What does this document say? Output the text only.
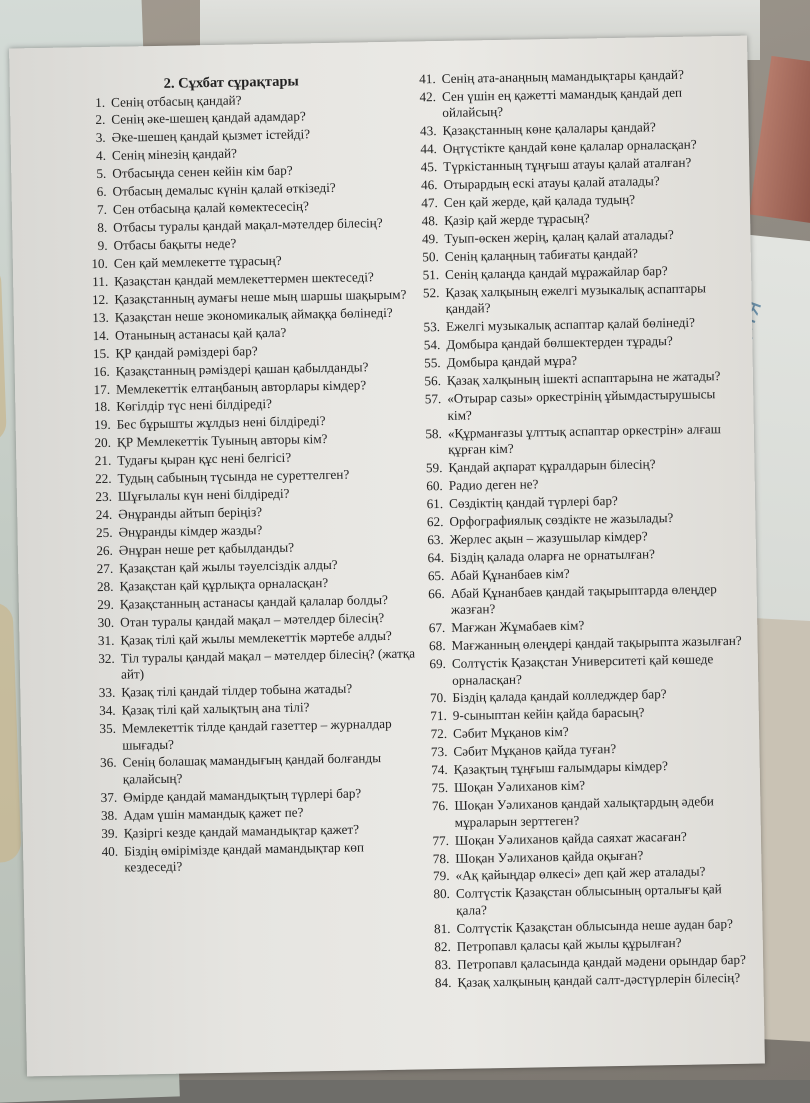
2. Сұхбат сұрақтары
1. Сенің отбасың қандай?
2. Сенің әке-шешең қандай адамдар?
3. Әке-шешең қандай қызмет істейді?
4. Сенің мінезің қандай?
5. Отбасыңда сенен кейін кім бар?
6. Отбасың демалыс күнін қалай өткізеді?
7. Сен отбасыңа қалай көмектесесің?
8. Отбасы туралы қандай мақал-мәтелдер білесің?
9. Отбасы бақыты неде?
10. Сен қай мемлекетте тұрасың?
11. Қазақстан қандай мемлекеттермен шектеседі?
12. Қазақстанның аумағы неше мың шаршы шақырым?
13. Қазақстан неше экономикалық аймаққа бөлінеді?
14. Отанының астанасы қай қала?
15. ҚР қандай рәміздері бар?
16. Қазақстанның рәміздері қашан қабылданды?
17. Мемлекеттік елтаңбаның авторлары кімдер?
18. Көгілдір түс нені білдіреді?
19. Бес бұрышты жұлдыз нені білдіреді?
20. ҚР Мемлекеттік Туының авторы кім?
21. Тудағы қыран құс нені белгісі?
22. Тудың сабының түсында не суреттелген?
23. Шұғылалы күн нені білдіреді?
24. Әнұранды айтып беріңіз?
25. Әнұранды кімдер жазды?
26. Әнұран неше рет қабылданды?
27. Қазақстан қай жылы тәуелсіздік алды?
28. Қазақстан қай құрлықта орналасқан?
29. Қазақстанның астанасы қандай қалалар болды?
30. Отан туралы қандай мақал – мәтелдер білесің?
31. Қазақ тілі қай жылы мемлекеттік мәртебе алды?
32. Тіл туралы қандай мақал – мәтелдер білесің? (жатқа айт)
33. Қазақ тілі қандай тілдер тобына жатады?
34. Қазақ тілі қай халықтың ана тілі?
35. Мемлекеттік тілде қандай газеттер – журналдар шығады?
36. Сенің болашақ мамандығың қандай болғанды қалайсың?
37. Өмірде қандай мамандықтың түрлері бар?
38. Адам үшін мамандық қажет пе?
39. Қазіргі кезде қандай мамандықтар қажет?
40. Біздің өмірімізде қандай мамандықтар көп кездеседі?
41. Сенің ата-анаңның мамандықтары қандай?
42. Сен үшін ең қажетті мамандық қандай деп ойлайсың?
43. Қазақстанның көне қалалары қандай?
44. Оңтүстікте қандай көне қалалар орналасқан?
45. Түркістанның тұңғыш атауы қалай аталған?
46. Отырардың ескі атауы қалай аталады?
47. Сен қай жерде, қай қалада тудың?
48. Қазір қай жерде тұрасың?
49. Туып-өскен жерің, қалаң қалай аталады?
50. Сенің қалаңның табиғаты қандай?
51. Сенің қалаңда қандай мұражайлар бар?
52. Қазақ халқының ежелгі музыкалық аспаптары қандай?
53. Ежелгі музыкалық аспаптар қалай бөлінеді?
54. Домбыра қандай бөлшектерден тұрады?
55. Домбыра қандай мұра?
56. Қазақ халқының ішекті аспаптарына не жатады?
57. «Отырар сазы» оркестрінің ұйымдастырушысы кім?
58. «Құрманғазы ұлттық аспаптар оркестрін» алғаш құрған кім?
59. Қандай ақпарат құралдарын білесің?
60. Радио деген не?
61. Сөздіктің қандай түрлері бар?
62. Орфографиялық сөздікте не жазылады?
63. Жерлес ақын – жазушылар кімдер?
64. Біздің қалада оларға не орнатылған?
65. Абай Құнанбаев кім?
66. Абай Құнанбаев қандай тақырыптарда өлеңдер жазған?
67. Мағжан Жұмабаев кім?
68. Мағжанның өлеңдері қандай тақырыпта жазылған?
69. Солтүстік Қазақстан Университеті қай көшеде орналасқан?
70. Біздің қалада қандай колледждер бар?
71. 9-сыныптан кейін қайда барасың?
72. Сәбит Мұқанов кім?
73. Сәбит Мұқанов қайда туған?
74. Қазақтың тұңғыш ғалымдары кімдер?
75. Шоқан Уәлиханов кім?
76. Шоқан Уәлиханов қандай халықтардың әдеби мұраларын зерттеген?
77. Шоқан Уәлиханов қайда саяхат жасаған?
78. Шоқан Уәлиханов қайда оқыған?
79. «Ақ қайыңдар өлкесі» деп қай жер аталады?
80. Солтүстік Қазақстан облысының орталығы қай қала?
81. Солтүстік Қазақстан облысында неше аудан бар?
82. Петропавл қаласы қай жылы құрылған?
83. Петропавл қаласында қандай мәдени орындар бар?
84. Қазақ халқының қандай салт-дәстүрлерін білесің?
